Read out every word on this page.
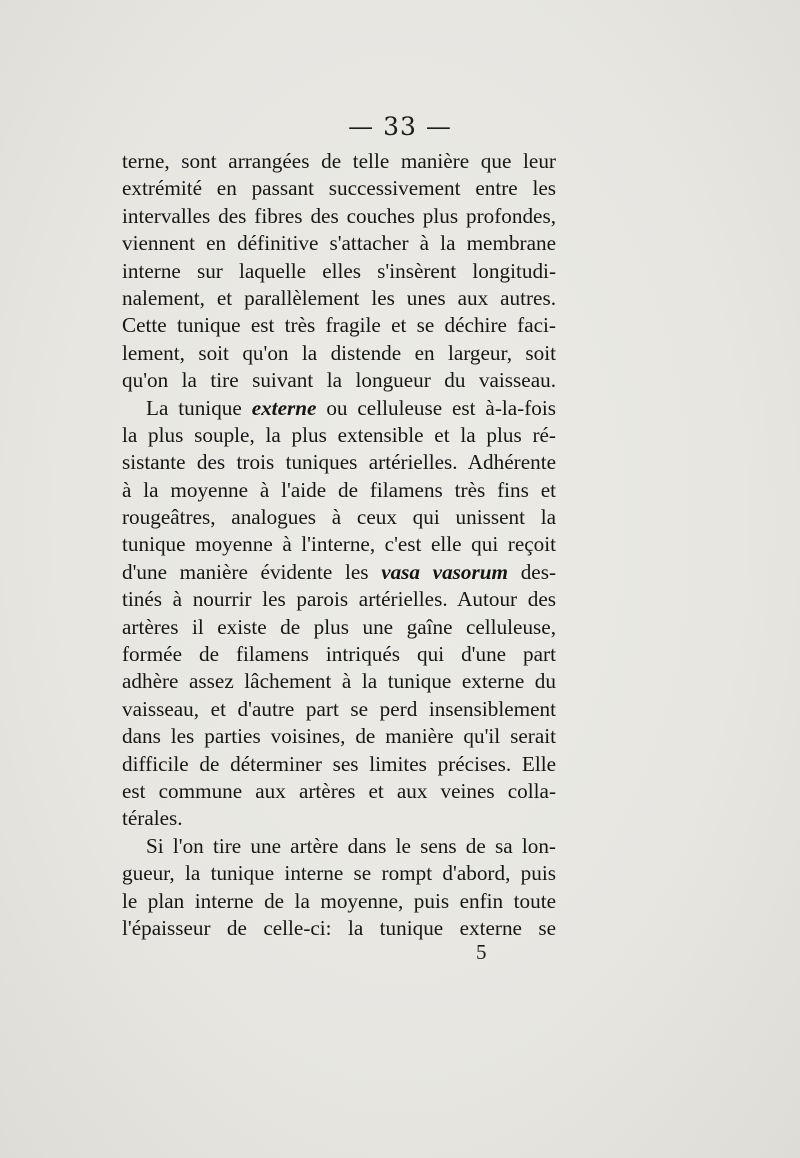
— 33 —
terne, sont arrangées de telle manière que leur
extrémité en passant successivement entre les
intervalles des fibres des couches plus profondes,
viennent en définitive s'attacher à la membrane
interne sur laquelle elles s'insèrent longitudi-
nalement, et parallèlement les unes aux autres.
Cette tunique est très fragile et se déchire faci-
lement, soit qu'on la distende en largeur, soit
qu'on la tire suivant la longueur du vaisseau.
La tunique externe ou celluleuse est à-la-fois
la plus souple, la plus extensible et la plus ré-
sistante des trois tuniques artérielles. Adhérente
à la moyenne à l'aide de filamens très fins et
rougeâtres, analogues à ceux qui unissent la
tunique moyenne à l'interne, c'est elle qui reçoit
d'une manière évidente les vasa vasorum des-
tinés à nourrir les parois artérielles. Autour des
artères il existe de plus une gaîne celluleuse,
formée de filamens intriqués qui d'une part
adhère assez lâchement à la tunique externe du
vaisseau, et d'autre part se perd insensiblement
dans les parties voisines, de manière qu'il serait
difficile de déterminer ses limites précises. Elle
est commune aux artères et aux veines colla-
térales.
Si l'on tire une artère dans le sens de sa lon-
gueur, la tunique interne se rompt d'abord, puis
le plan interne de la moyenne, puis enfin toute
l'épaisseur de celle-ci: la tunique externe se
5
